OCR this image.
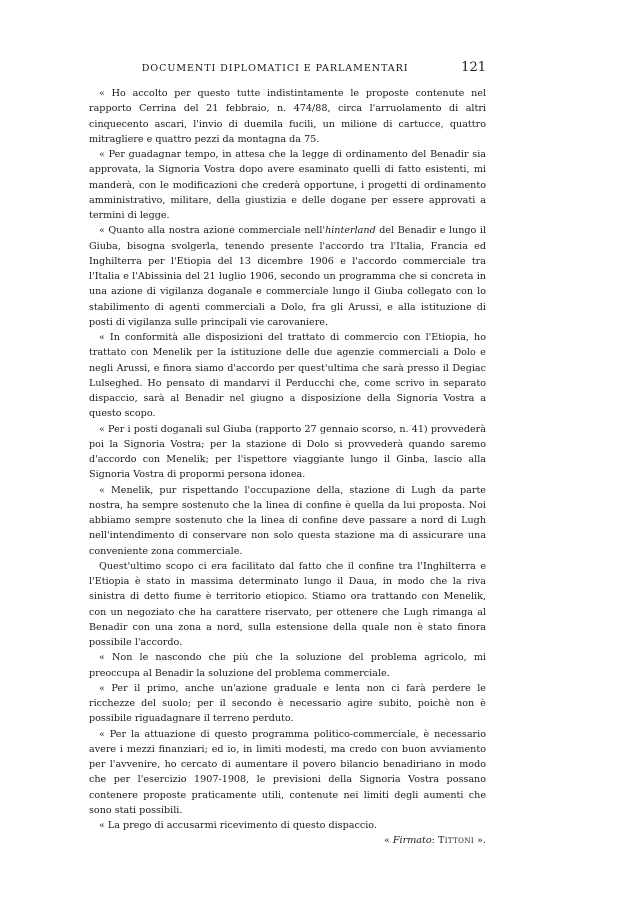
DOCUMENTI DIPLOMATICI E PARLAMENTARI	121

« Ho accolto per questo tutte indistintamente le proposte contenute nel rapporto Cerrina del 21 febbraio, n. 474/88, circa l'arruolamento di altri cinquecento ascari, l'invio di duemila fucili, un milione di cartucce, quattro mitragliere e quattro pezzi da montagna da 75.

« Per guadagnar tempo, in attesa che la legge di ordinamento del Benadir sia approvata, la Signoria Vostra dopo avere esaminato quelli di fatto esistenti, mi manderà, con le modificazioni che crederà opportune, i progetti di ordinamento amministrativo, militare, della giustizia e delle dogane per essere approvati a termini di legge.

« Quanto alla nostra azione commerciale nell'hinterland del Benadir e lungo il Giuba, bisogna svolgerla, tenendo presente l'accordo tra l'Italia, Francia ed Inghilterra per l'Etiopia del 13 dicembre 1906 e l'accordo commerciale tra l'Italia e l'Abissinia del 21 luglio 1906, secondo un programma che si concreta in una azione di vigilanza doganale e commerciale lungo il Giuba collegato con lo stabilimento di agenti commerciali a Dolo, fra gli Arussi, e alla istituzione di posti di vigilanza sulle principali vie carovaniere.

« In conformità alle disposizioni del trattato di commercio con l'Etiopia, ho trattato con Menelik per la istituzione delle due agenzie commerciali a Dolo e negli Arussi, e finora siamo d'accordo per quest'ultima che sarà presso il Degiac Lulseghed. Ho pensato di mandarvi il Perducchi che, come scrivo in separato dispaccio, sarà al Benadir nel giugno a disposizione della Signoria Vostra a questo scopo.

« Per i posti doganali sul Giuba (rapporto 27 gennaio scorso, n. 41) provvederà poi la Signoria Vostra; per la stazione di Dolo si provvederà quando saremo d'accordo con Menelik; per l'ispettore viaggiante lungo il Ginba, lascio alla Signoria Vostra di propormi persona idonea.

« Menelik, pur rispettando l'occupazione della, stazione di Lugh da parte nostra, ha sempre sostenuto che la linea di confine è quella da lui proposta. Noi abbiamo sempre sostenuto che la linea di confine deve passare a nord di Lugh nell'intendimento di conservare non solo questa stazione ma di assicurare una conveniente zona commerciale.

Quest'ultimo scopo ci era facilitato dal fatto che il confine tra l'Inghilterra e l'Etiopia è stato in massima determinato lungo il Daua, in modo che la riva sinistra di detto fiume è territorio etiopico. Stiamo ora trattando con Menelik, con un negoziato che ha carattere riservato, per ottenere che Lugh rimanga al Benadir con una zona a nord, sulla estensione della quale non è stato finora possibile l'accordo.

« Non le nascondo che più che la soluzione del problema agricolo, mi preoccupa al Benadir la soluzione del problema commerciale.

« Per il primo, anche un'azione graduale e lenta non ci farà perdere le ricchezze del suolo; per il secondo è necessario agire subito, poichè non è possibile riguadagnare il terreno perduto.

« Per la attuazione di questo programma politico-commerciale, è necessario avere i mezzi finanziari; ed io, in limiti modesti, ma credo con buon avviamento per l'avvenire, ho cercato di aumentare il povero bilancio benadiriano in modo che per l'esercizio 1907-1908, le previsioni della Signoria Vostra possano contenere proposte praticamente utili, contenute nei limiti degli aumenti che sono stati possibili.

« La prego di accusarmi ricevimento di questo dispaccio.

« Firmato: Tittoni ».
